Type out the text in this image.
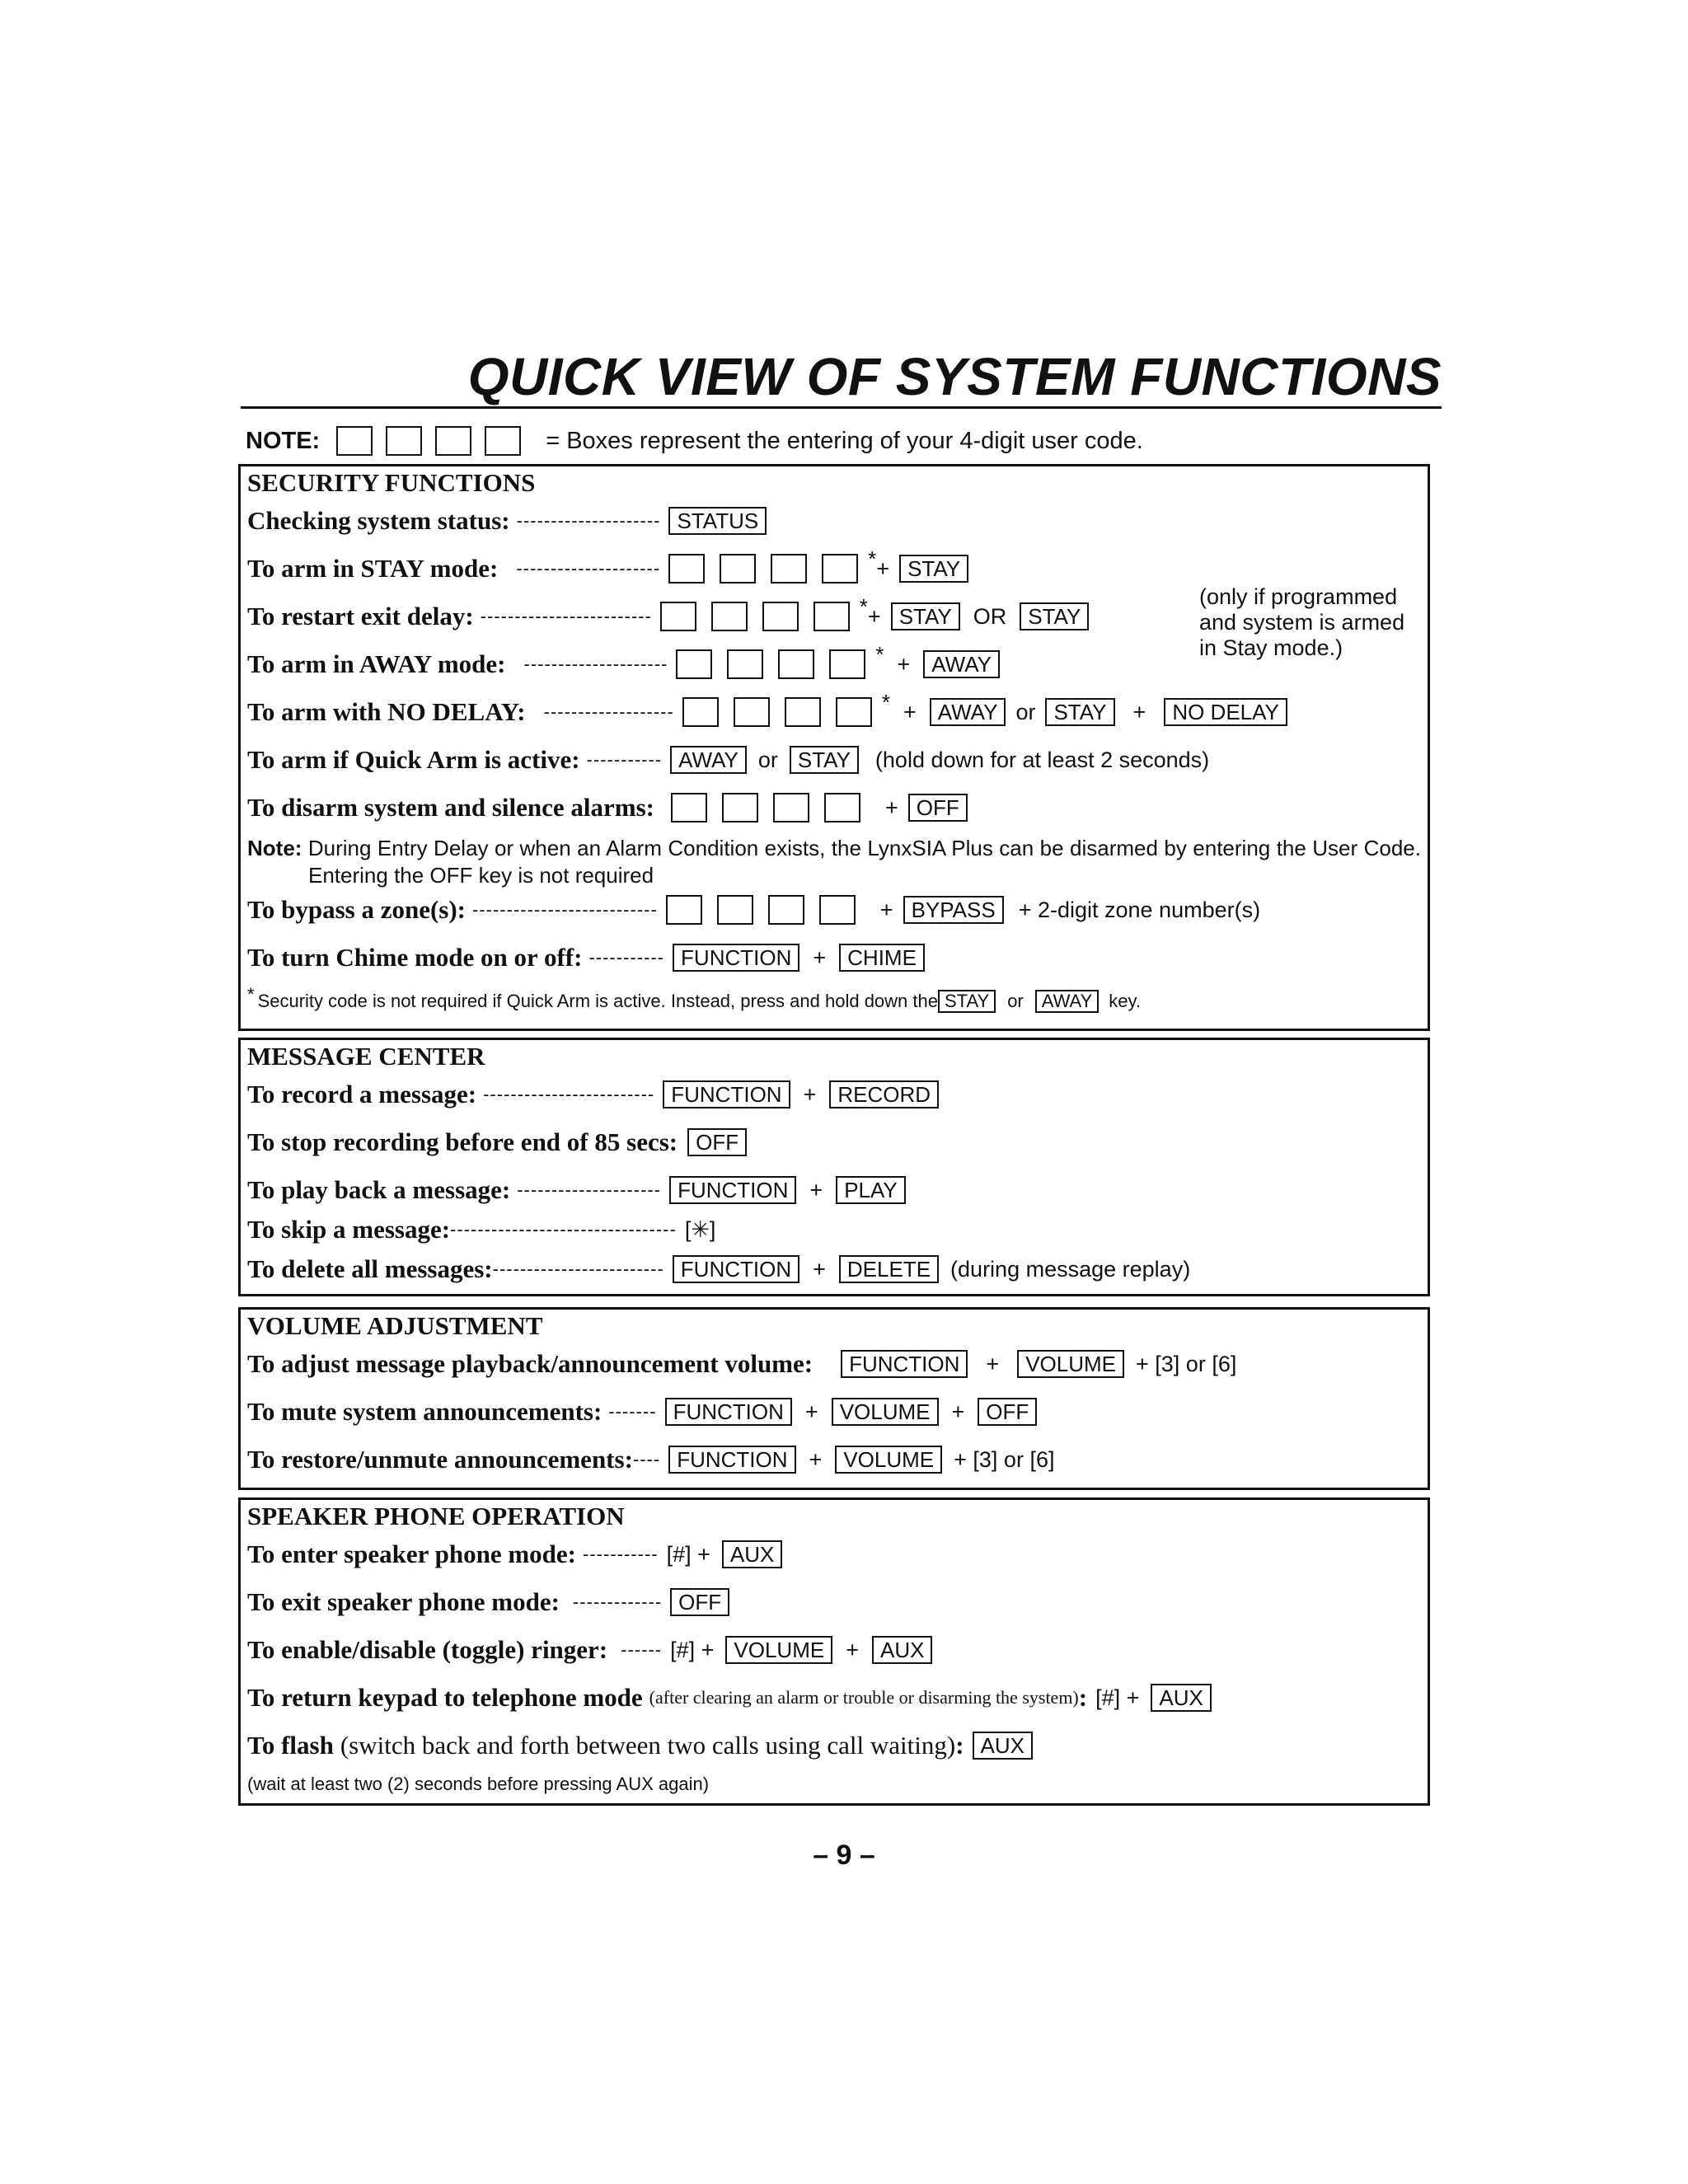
QUICK VIEW OF SYSTEM FUNCTIONS
NOTE:	= Boxes represent the entering of your 4-digit user code.
SECURITY FUNCTIONS
Checking system status: --------------------- STATUS
To arm in STAY mode: ---------------------	* + STAY
To restart exit delay: -------------------------	* + STAY OR	STAY
(only if programmed and system is armed in Stay mode.)
To arm in AWAY mode: ---------------------	* +	AWAY
To arm with NO DELAY: -------------------	* +	AWAY or STAY	+	NO DELAY
To arm if Quick Arm is active: ----------- AWAY or STAY	(hold down for at least 2 seconds)
To disarm system and silence alarms:	+ OFF
Note: During Entry Delay or when an Alarm Condition exists, the LynxSIA Plus can be disarmed by entering the User Code. Entering the OFF key is not required
To bypass a zone(s): ---------------------------	+ BYPASS	+ 2-digit zone number(s)
To turn Chime mode on or off: ----------- FUNCTION +	CHIME
* Security code is not required if Quick Arm is active. Instead, press and hold down the STAY	or	AWAY key.
MESSAGE CENTER
To record a message: ------------------------- FUNCTION +	RECORD
To stop recording before end of 85 secs: OFF
To play back a message: --------------------- FUNCTION +	PLAY
To skip a message: --------------------------------- [✳]
To delete all messages: ------------------------- FUNCTION +	DELETE (during message replay)
VOLUME ADJUSTMENT
To adjust message playback/announcement volume:	FUNCTION	+	VOLUME + [3] or [6]
To mute system announcements: ------- FUNCTION +	VOLUME +	OFF
To restore/unmute announcements: ---- FUNCTION +	VOLUME + [3] or [6]
SPEAKER PHONE OPERATION
To enter speaker phone mode: ----------- [#] + AUX
To exit speaker phone mode: ------------- OFF
To enable/disable (toggle) ringer: ------ [#] + VOLUME +	AUX
To return keypad to telephone mode (after clearing an alarm or trouble or disarming the system) : [#] + AUX
To flash (switch back and forth between two calls using call waiting) : AUX
(wait at least two (2) seconds before pressing AUX again)
– 9 –
